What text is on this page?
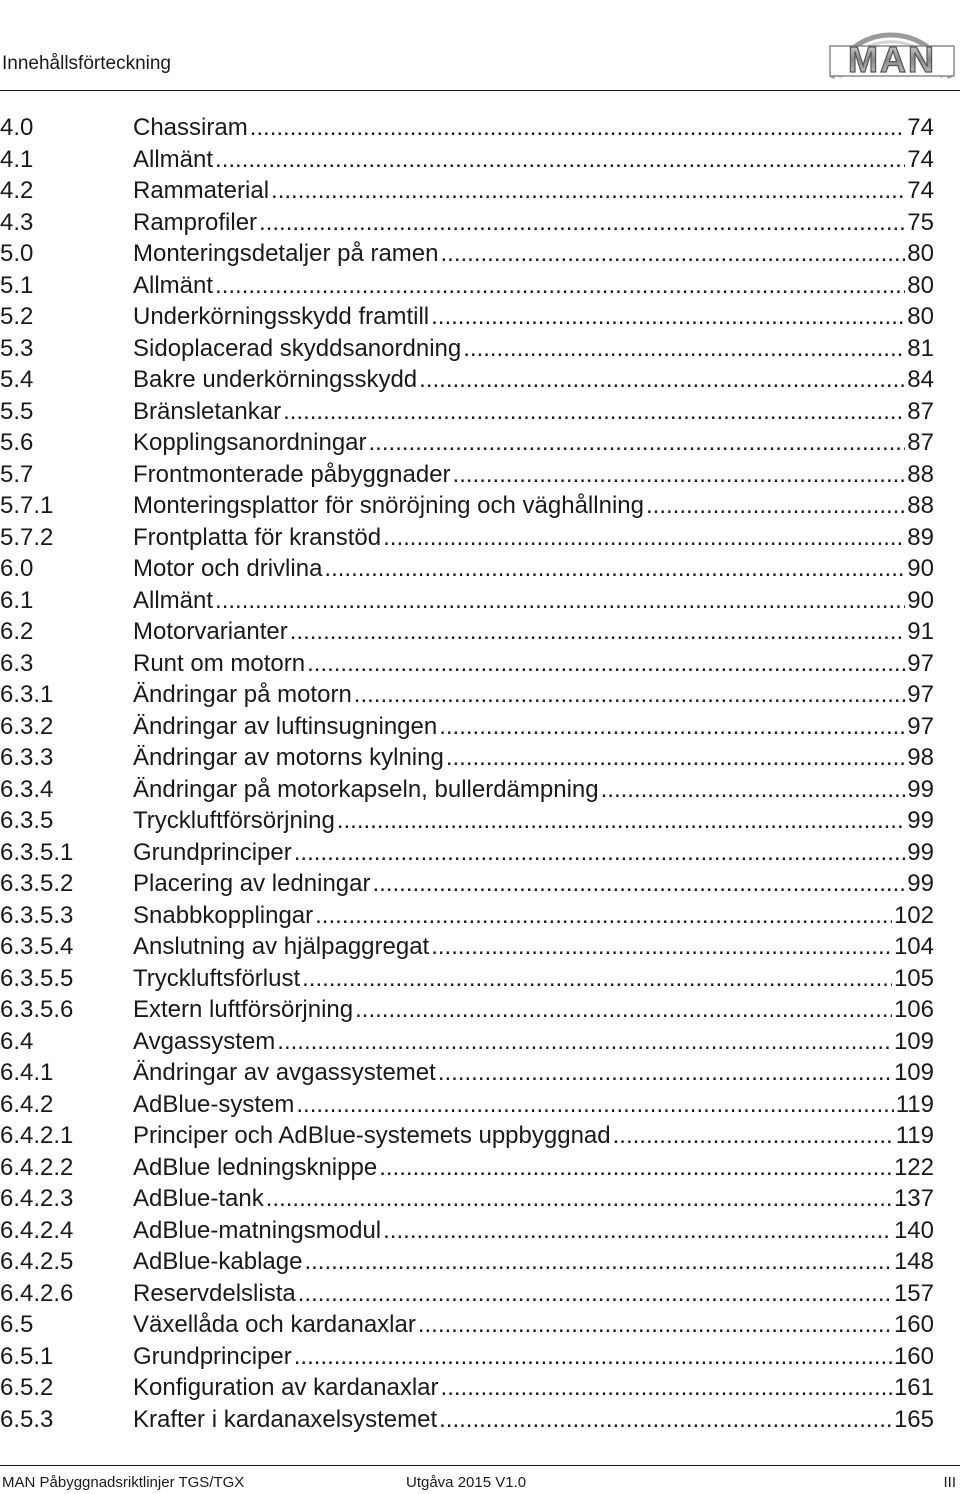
Innehållsförteckning	MAN
4.0	Chassiram .....	74
4.1	Allmänt .....	74
4.2	Rammaterial .....	74
4.3	Ramprofiler .....	75
5.0	Monteringsdetaljer på ramen .....	80
5.1	Allmänt .....	80
5.2	Underkörningsskydd framtill .....	80
5.3	Sidoplacerad skyddsanordning .....	81
5.4	Bakre underkörningsskydd .....	84
5.5	Bränsletankar .....	87
5.6	Kopplingsanordningar .....	87
5.7	Frontmonterade påbyggnader .....	88
5.7.1	Monteringsplattor för snöröjning och väghållning .....	88
5.7.2	Frontplatta för kranstöd .....	89
6.0	Motor och drivlina .....	90
6.1	Allmänt .....	90
6.2	Motorvarianter .....	91
6.3	Runt om motorn .....	97
6.3.1	Ändringar på motorn .....	97
6.3.2	Ändringar av luftinsugningen .....	97
6.3.3	Ändringar av motorns kylning .....	98
6.3.4	Ändringar på motorkapseln, bullerdämpning .....	99
6.3.5	Tryckluftförsörjning .....	99
6.3.5.1	Grundprinciper .....	99
6.3.5.2	Placering av ledningar .....	99
6.3.5.3	Snabbkopplingar .....	102
6.3.5.4	Anslutning av hjälpaggregat .....	104
6.3.5.5	Tryckluftsförlust .....	105
6.3.5.6	Extern luftförsörjning .....	106
6.4	Avgassystem .....	109
6.4.1	Ändringar av avgassystemet .....	109
6.4.2	AdBlue-system .....	119
6.4.2.1	Principer och AdBlue-systemets uppbyggnad .....	119
6.4.2.2	AdBlue ledningsknippe .....	122
6.4.2.3	AdBlue-tank .....	137
6.4.2.4	AdBlue-matningsmodul .....	140
6.4.2.5	AdBlue-kablage .....	148
6.4.2.6	Reservdelslista .....	157
6.5	Växellåda och kardanaxlar .....	160
6.5.1	Grundprinciper .....	160
6.5.2	Konfiguration av kardanaxlar .....	161
6.5.3	Krafter i kardanaxelsystemet .....	165
MAN Påbyggnadsriktlinjer TGS/TGX	Utgåva 2015 V1.0	III
